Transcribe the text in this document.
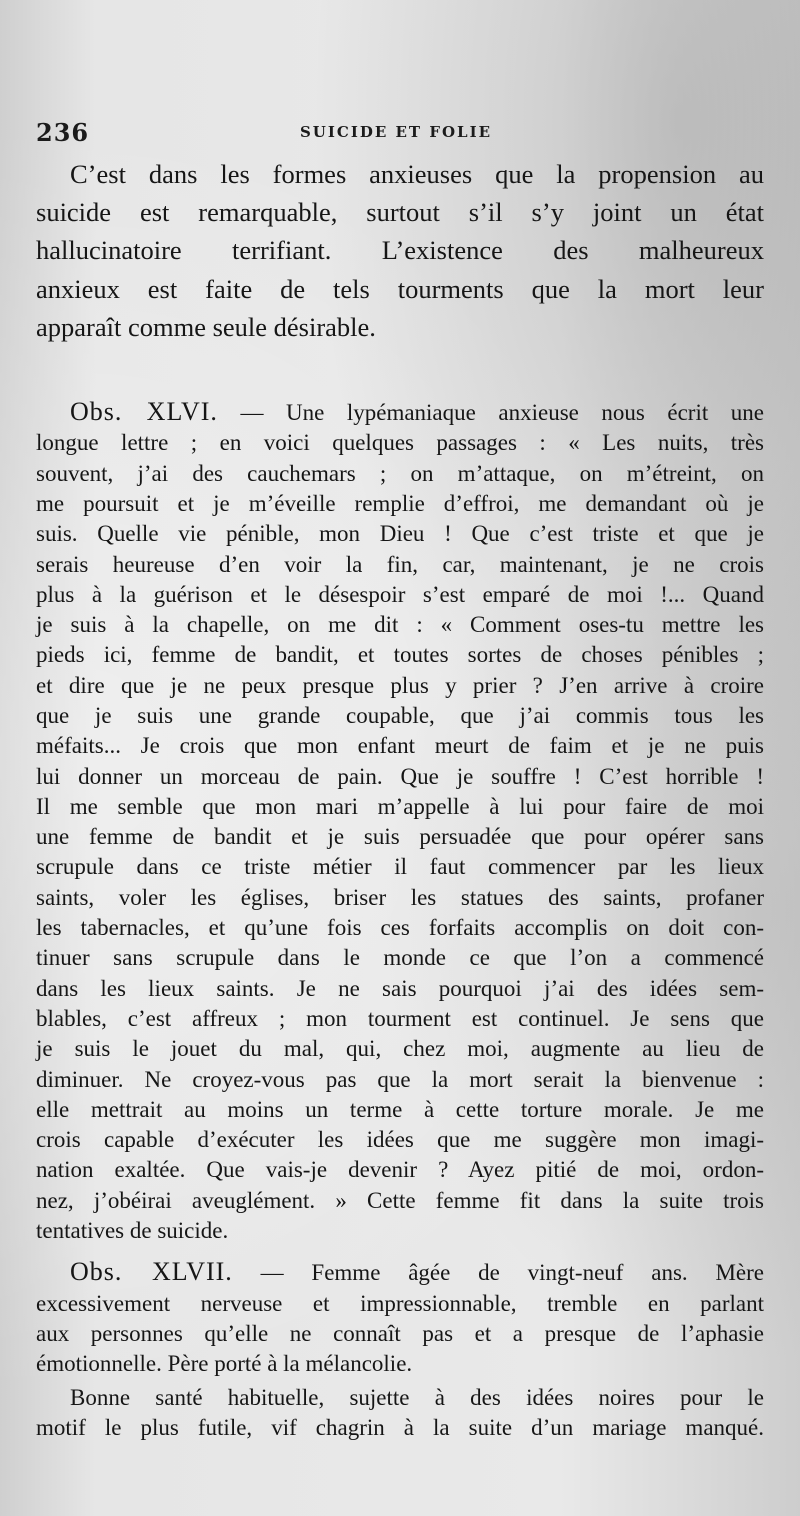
236	SUICIDE ET FOLIE

C’est dans les formes anxieuses que la propension au
suicide est remarquable, surtout s’il s’y joint un état
hallucinatoire terrifiant. L’existence des malheureux
anxieux est faite de tels tourments que la mort leur
apparaît comme seule désirable.

Obs. XLVI. — Une lypémaniaque anxieuse nous écrit une
longue lettre ; en voici quelques passages : « Les nuits, très
souvent, j’ai des cauchemars ; on m’attaque, on m’étreint, on
me poursuit et je m’éveille remplie d’effroi, me demandant où je
suis. Quelle vie pénible, mon Dieu ! Que c’est triste et que je
serais heureuse d’en voir la fin, car, maintenant, je ne crois
plus à la guérison et le désespoir s’est emparé de moi !... Quand
je suis à la chapelle, on me dit : « Comment oses-tu mettre les
pieds ici, femme de bandit, et toutes sortes de choses pénibles ;
et dire que je ne peux presque plus y prier ? J’en arrive à croire
que je suis une grande coupable, que j’ai commis tous les
méfaits... Je crois que mon enfant meurt de faim et je ne puis
lui donner un morceau de pain. Que je souffre ! C’est horrible !
Il me semble que mon mari m’appelle à lui pour faire de moi
une femme de bandit et je suis persuadée que pour opérer sans
scrupule dans ce triste métier il faut commencer par les lieux
saints, voler les églises, briser les statues des saints, profaner
les tabernacles, et qu’une fois ces forfaits accomplis on doit con-
tinuer sans scrupule dans le monde ce que l’on a commencé
dans les lieux saints. Je ne sais pourquoi j’ai des idées sem-
blables, c’est affreux ; mon tourment est continuel. Je sens que
je suis le jouet du mal, qui, chez moi, augmente au lieu de
diminuer. Ne croyez-vous pas que la mort serait la bienvenue :
elle mettrait au moins un terme à cette torture morale. Je me
crois capable d’exécuter les idées que me suggère mon imagi-
nation exaltée. Que vais-je devenir ? Ayez pitié de moi, ordon-
nez, j’obéirai aveuglément. » Cette femme fit dans la suite trois
tentatives de suicide.

Obs. XLVII. — Femme âgée de vingt-neuf ans. Mère
excessivement nerveuse et impressionnable, tremble en parlant
aux personnes qu’elle ne connaît pas et a presque de l’aphasie
émotionnelle. Père porté à la mélancolie.

Bonne santé habituelle, sujette à des idées noires pour le
motif le plus futile, vif chagrin à la suite d’un mariage manqué.
